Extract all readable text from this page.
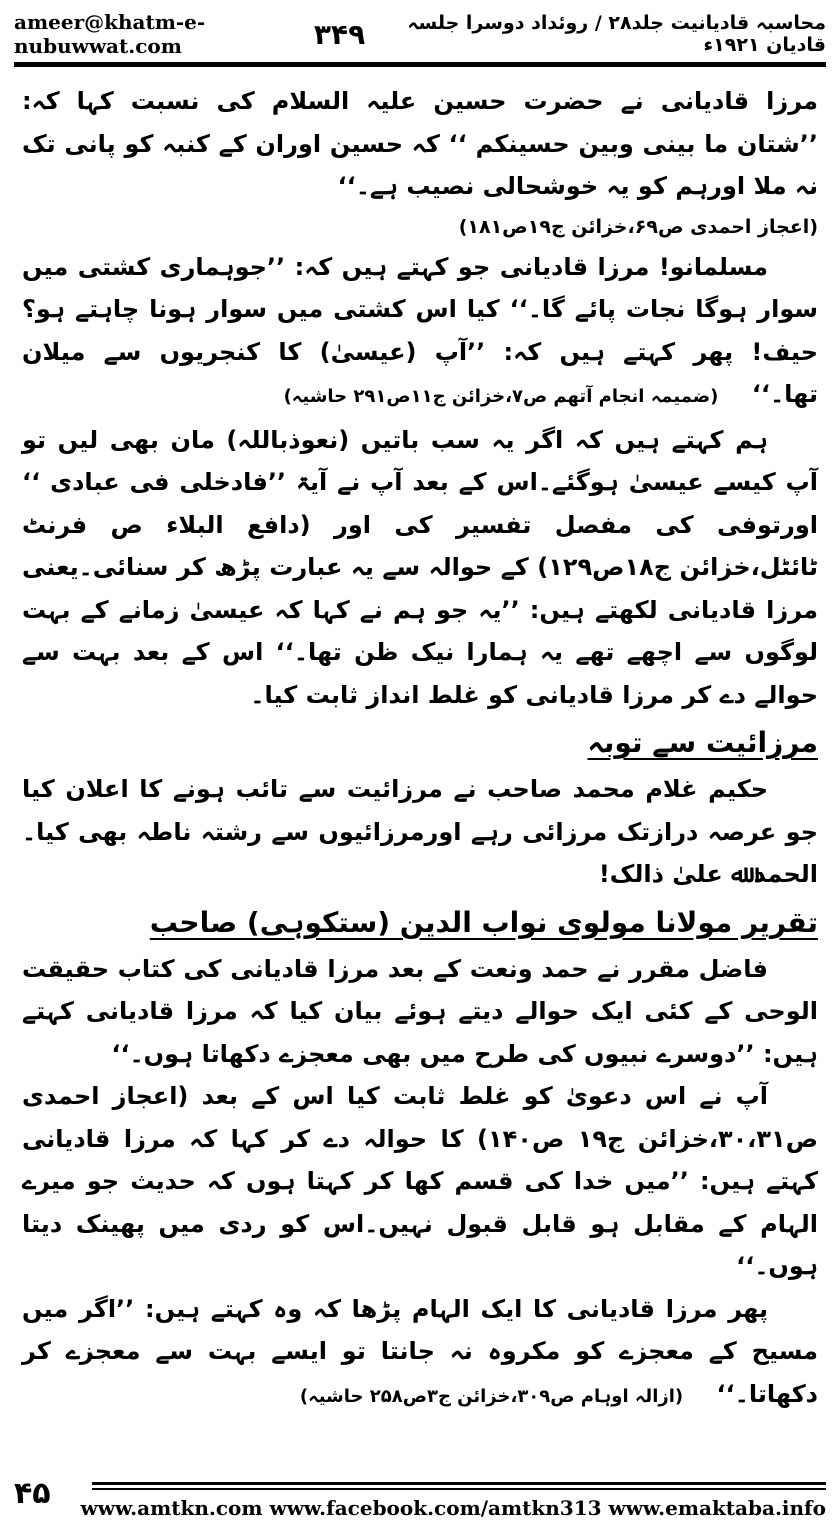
ameer@khatm-e-nubuwwat.com
محاسبہ قادیانیت جلد۲۸ / روئداد دوسرا جلسہ قادیان ۱۹۲۱ء
۳۴۹

مرزا قادیانی نے حضرت حسین علیہ السلام کی نسبت کہا کہ: ’’شتان ما بینی وبین حسینکم ‘‘ کہ حسین اوران کے کنبہ کو پانی تک نہ ملا اورہم کو یہ خوشحالی نصیب ہے۔‘‘

(اعجاز احمدی ص۶۹،خزائن ج۱۹ص۱۸۱)

مسلمانو! مرزا قادیانی جو کہتے ہیں کہ: ’’جوہماری کشتی میں سوار ہوگا نجات پائے گا۔‘‘ کیا اس کشتی میں سوار ہونا چاہتے ہو؟ حیف! پھر کہتے ہیں کہ: ’’آپ (عیسیٰ) کا کنجریوں سے میلان تھا۔‘‘    (ضمیمہ انجام آتھم ص۷،خزائن ج۱۱ص۲۹۱ حاشیہ)

ہم کہتے ہیں کہ اگر یہ سب باتیں (نعوذباللہ) مان بھی لیں تو آپ کیسے عیسیٰ ہوگئے۔اس کے بعد آپ نے آیۃ ’’فادخلی فی عبادی ‘‘ اورتوفی کی مفصل تفسیر کی اور (دافع البلاء ص فرنٹ ٹائٹل،خزائن ج۱۸ص۱۲۹) کے حوالہ سے یہ عبارت پڑھ کر سنائی۔یعنی مرزا قادیانی لکھتے ہیں: ’’یہ جو ہم نے کہا کہ عیسیٰ زمانے کے بہت لوگوں سے اچھے تھے یہ ہمارا نیک ظن تھا۔‘‘ اس کے بعد بہت سے حوالے دے کر مرزا قادیانی کو غلط انداز ثابت کیا۔

مرزائیت سے توبہ

حکیم غلام محمد صاحب نے مرزائیت سے تائب ہونے کا اعلان کیا جو عرصہ درازتک مرزائی رہے اورمرزائیوں سے رشتہ ناطہ بھی کیا۔ الحمد ﷲ علیٰ ذالک!

تقریر مولانا مولوی نواب الدین (ستکوہی) صاحب

فاضل مقرر نے حمد ونعت کے بعد مرزا قادیانی کی کتاب حقیقت الوحی کے کئی ایک حوالے دیتے ہوئے بیان کیا کہ مرزا قادیانی کہتے ہیں: ’’دوسرے نبیوں کی طرح میں بھی معجزے دکھاتا ہوں۔‘‘

آپ نے اس دعویٰ کو غلط ثابت کیا اس کے بعد (اعجاز احمدی ص۳۰،۳۱،خزائن ج۱۹ ص۱۴۰) کا حوالہ دے کر کہا کہ مرزا قادیانی کہتے ہیں: ’’میں خدا کی قسم کھا کر کہتا ہوں کہ حدیث جو میرے الہام کے مقابل ہو قابل قبول نہیں۔اس کو ردی میں پھینک دیتا ہوں۔‘‘

پھر مرزا قادیانی کا ایک الہام پڑھا کہ وہ کہتے ہیں: ’’اگر میں مسیح کے معجزے کو مکروہ نہ جانتا تو ایسے بہت سے معجزے کر دکھاتا۔‘‘    (ازالہ اوہام ص۳۰۹،خزائن ج۳ص۲۵۸ حاشیہ)

۴۵ www.amtkn.com www.facebook.com/amtkn313 www.emaktaba.info
